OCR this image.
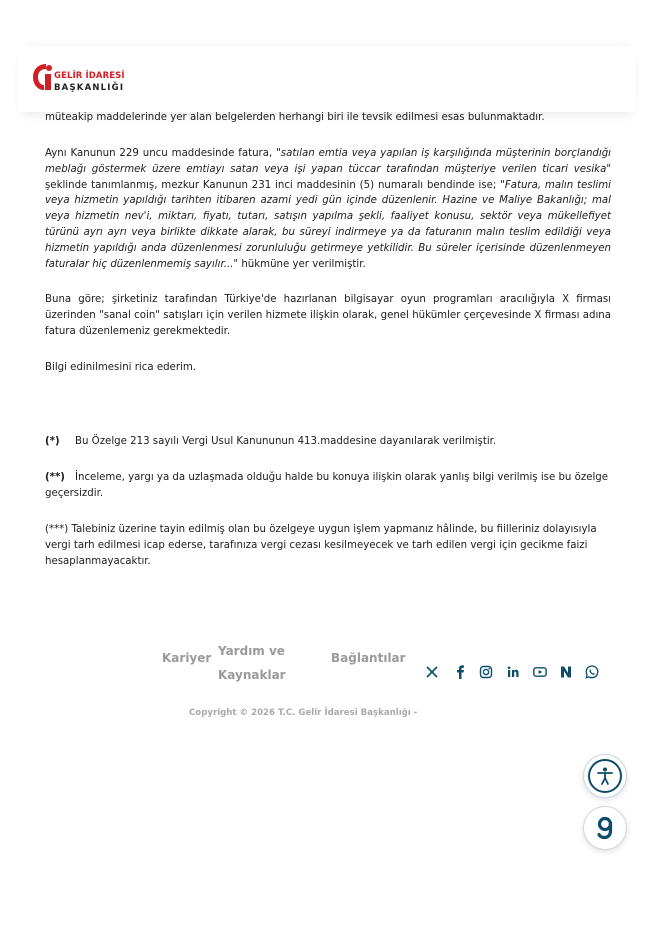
GELİR İDARESİ
BAŞKANLIĞI

müteakip maddelerinde yer alan belgelerden herhangi biri ile tevsik edilmesi esas bulunmaktadır.

Aynı Kanunun 229 uncu maddesinde fatura, "satılan emtia veya yapılan iş karşılığında müşterinin borçlandığı meblağı göstermek üzere emtiayı satan veya işi yapan tüccar tarafından müşteriye verilen ticari vesika" şeklinde tanımlanmış, mezkur Kanunun 231 inci maddesinin (5) numaralı bendinde ise; "Fatura, malın teslimi veya hizmetin yapıldığı tarihten itibaren azami yedi gün içinde düzenlenir. Hazine ve Maliye Bakanlığı; mal veya hizmetin nev'i, miktarı, fiyatı, tutarı, satışın yapılma şekli, faaliyet konusu, sektör veya mükellefiyet türünü ayrı ayrı veya birlikte dikkate alarak, bu süreyi indirmeye ya da faturanın malın teslim edildiği veya hizmetin yapıldığı anda düzenlenmesi zorunluluğu getirmeye yetkilidir. Bu süreler içerisinde düzenlenmeyen faturalar hiç düzenlenmemiş sayılır..." hükmüne yer verilmiştir.

Buna göre; şirketiniz tarafından Türkiye'de hazırlanan bilgisayar oyun programları aracılığıyla X firması üzerinden "sanal coin" satışları için verilen hizmete ilişkin olarak, genel hükümler çerçevesinde X firması adına fatura düzenlemeniz gerekmektedir.

Bilgi edinilmesini rica ederim.

(*) Bu Özelge 213 sayılı Vergi Usul Kanununun 413.maddesine dayanılarak verilmiştir.
(**) İnceleme, yargı ya da uzlaşmada olduğu halde bu konuya ilişkin olarak yanlış bilgi verilmiş ise bu özelge geçersizdir.
(***) Talebiniz üzerine tayin edilmiş olan bu özelgeye uygun işlem yapmanız hâlinde, bu fiilleriniz dolayısıyla vergi tarh edilmesi icap ederse, tarafınıza vergi cezası kesilmeyecek ve tarh edilen vergi için gecikme faizi hesaplanmayacaktır.
Kariyer Yardım ve
Kaynaklar
Bağlantılar
Copyright © 2026 T.C. Gelir İdaresi Başkanlığı -
